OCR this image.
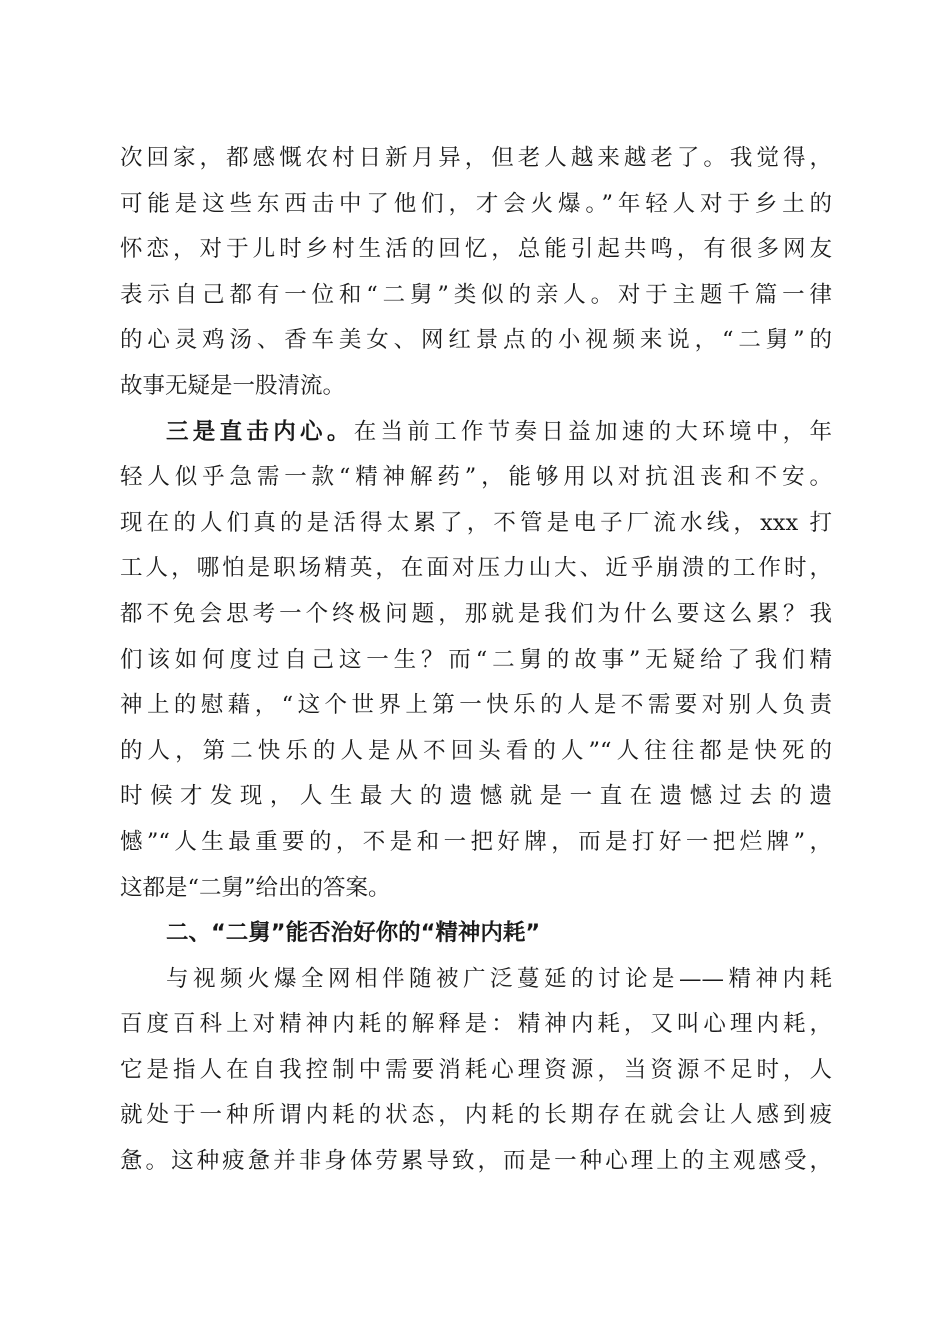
次回家，都感慨农村日新月异，但老人越来越老了。我觉得，
可能是这些东西击中了他们，才会火爆。”年轻人对于乡土的
怀恋，对于儿时乡村生活的回忆，总能引起共鸣，有很多网友
表示自己都有一位和“二舅”类似的亲人。对于主题千篇一律
的心灵鸡汤、香车美女、网红景点的小视频来说，“二舅”的
故事无疑是一股清流。
三是直击内心。在当前工作节奏日益加速的大环境中，年
轻人似乎急需一款“精神解药”，能够用以对抗沮丧和不安。
现在的人们真的是活得太累了，不管是电子厂流水线，xxx 打
工人，哪怕是职场精英，在面对压力山大、近乎崩溃的工作时，
都不免会思考一个终极问题，那就是我们为什么要这么累？我
们该如何度过自己这一生？而“二舅的故事”无疑给了我们精
神上的慰藉，“这个世界上第一快乐的人是不需要对别人负责
的人，第二快乐的人是从不回头看的人”“人往往都是快死的
时候才发现，人生最大的遗憾就是一直在遗憾过去的遗
憾”“人生最重要的，不是和一把好牌，而是打好一把烂牌”，
这都是“二舅”给出的答案。
二、“二舅”能否治好你的“精神内耗”
与视频火爆全网相伴随被广泛蔓延的讨论是——精神内耗
百度百科上对精神内耗的解释是：精神内耗，又叫心理内耗，
它是指人在自我控制中需要消耗心理资源，当资源不足时，人
就处于一种所谓内耗的状态，内耗的长期存在就会让人感到疲
惫。这种疲惫并非身体劳累导致，而是一种心理上的主观感受，
